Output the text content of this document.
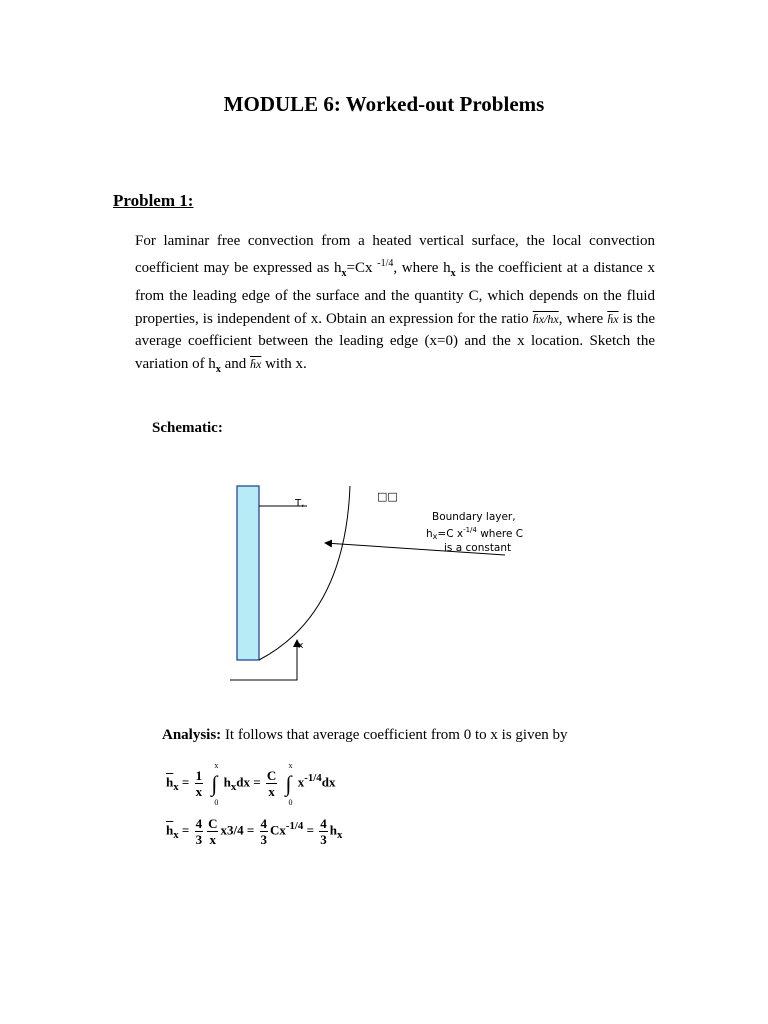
MODULE 6: Worked-out Problems
Problem 1:
For laminar free convection from a heated vertical surface, the local convection coefficient may be expressed as $h_x=Cx$ $^{-1/4}$, where $h_x$ is the coefficient at a distance x from the leading edge of the surface and the quantity C, which depends on the fluid properties, is independent of x. Obtain an expression for the ratio h̄x/hx, where h̄x is the average coefficient between the leading edge (x=0) and the x location. Sketch the variation of $h_x$ and h̄x with x.
Schematic:
T,
□□
Boundary layer,
hx=C $x^{-1/4}$ where C
is a constant
x
Analysis: It follows that average coefficient from 0 to x is given by
$\overline{h}_x = \frac{1}{x}$ ∫
x
0
$h_xdx = \frac{C}{x}$ ∫
x
0
$x^{-1/4}dx$
$\overline{h}_x = \frac{4}{3} \frac{C}{x} x3/4 = \frac{4}{3} Cx^{-1/4} = \frac{4}{3} h_x$
